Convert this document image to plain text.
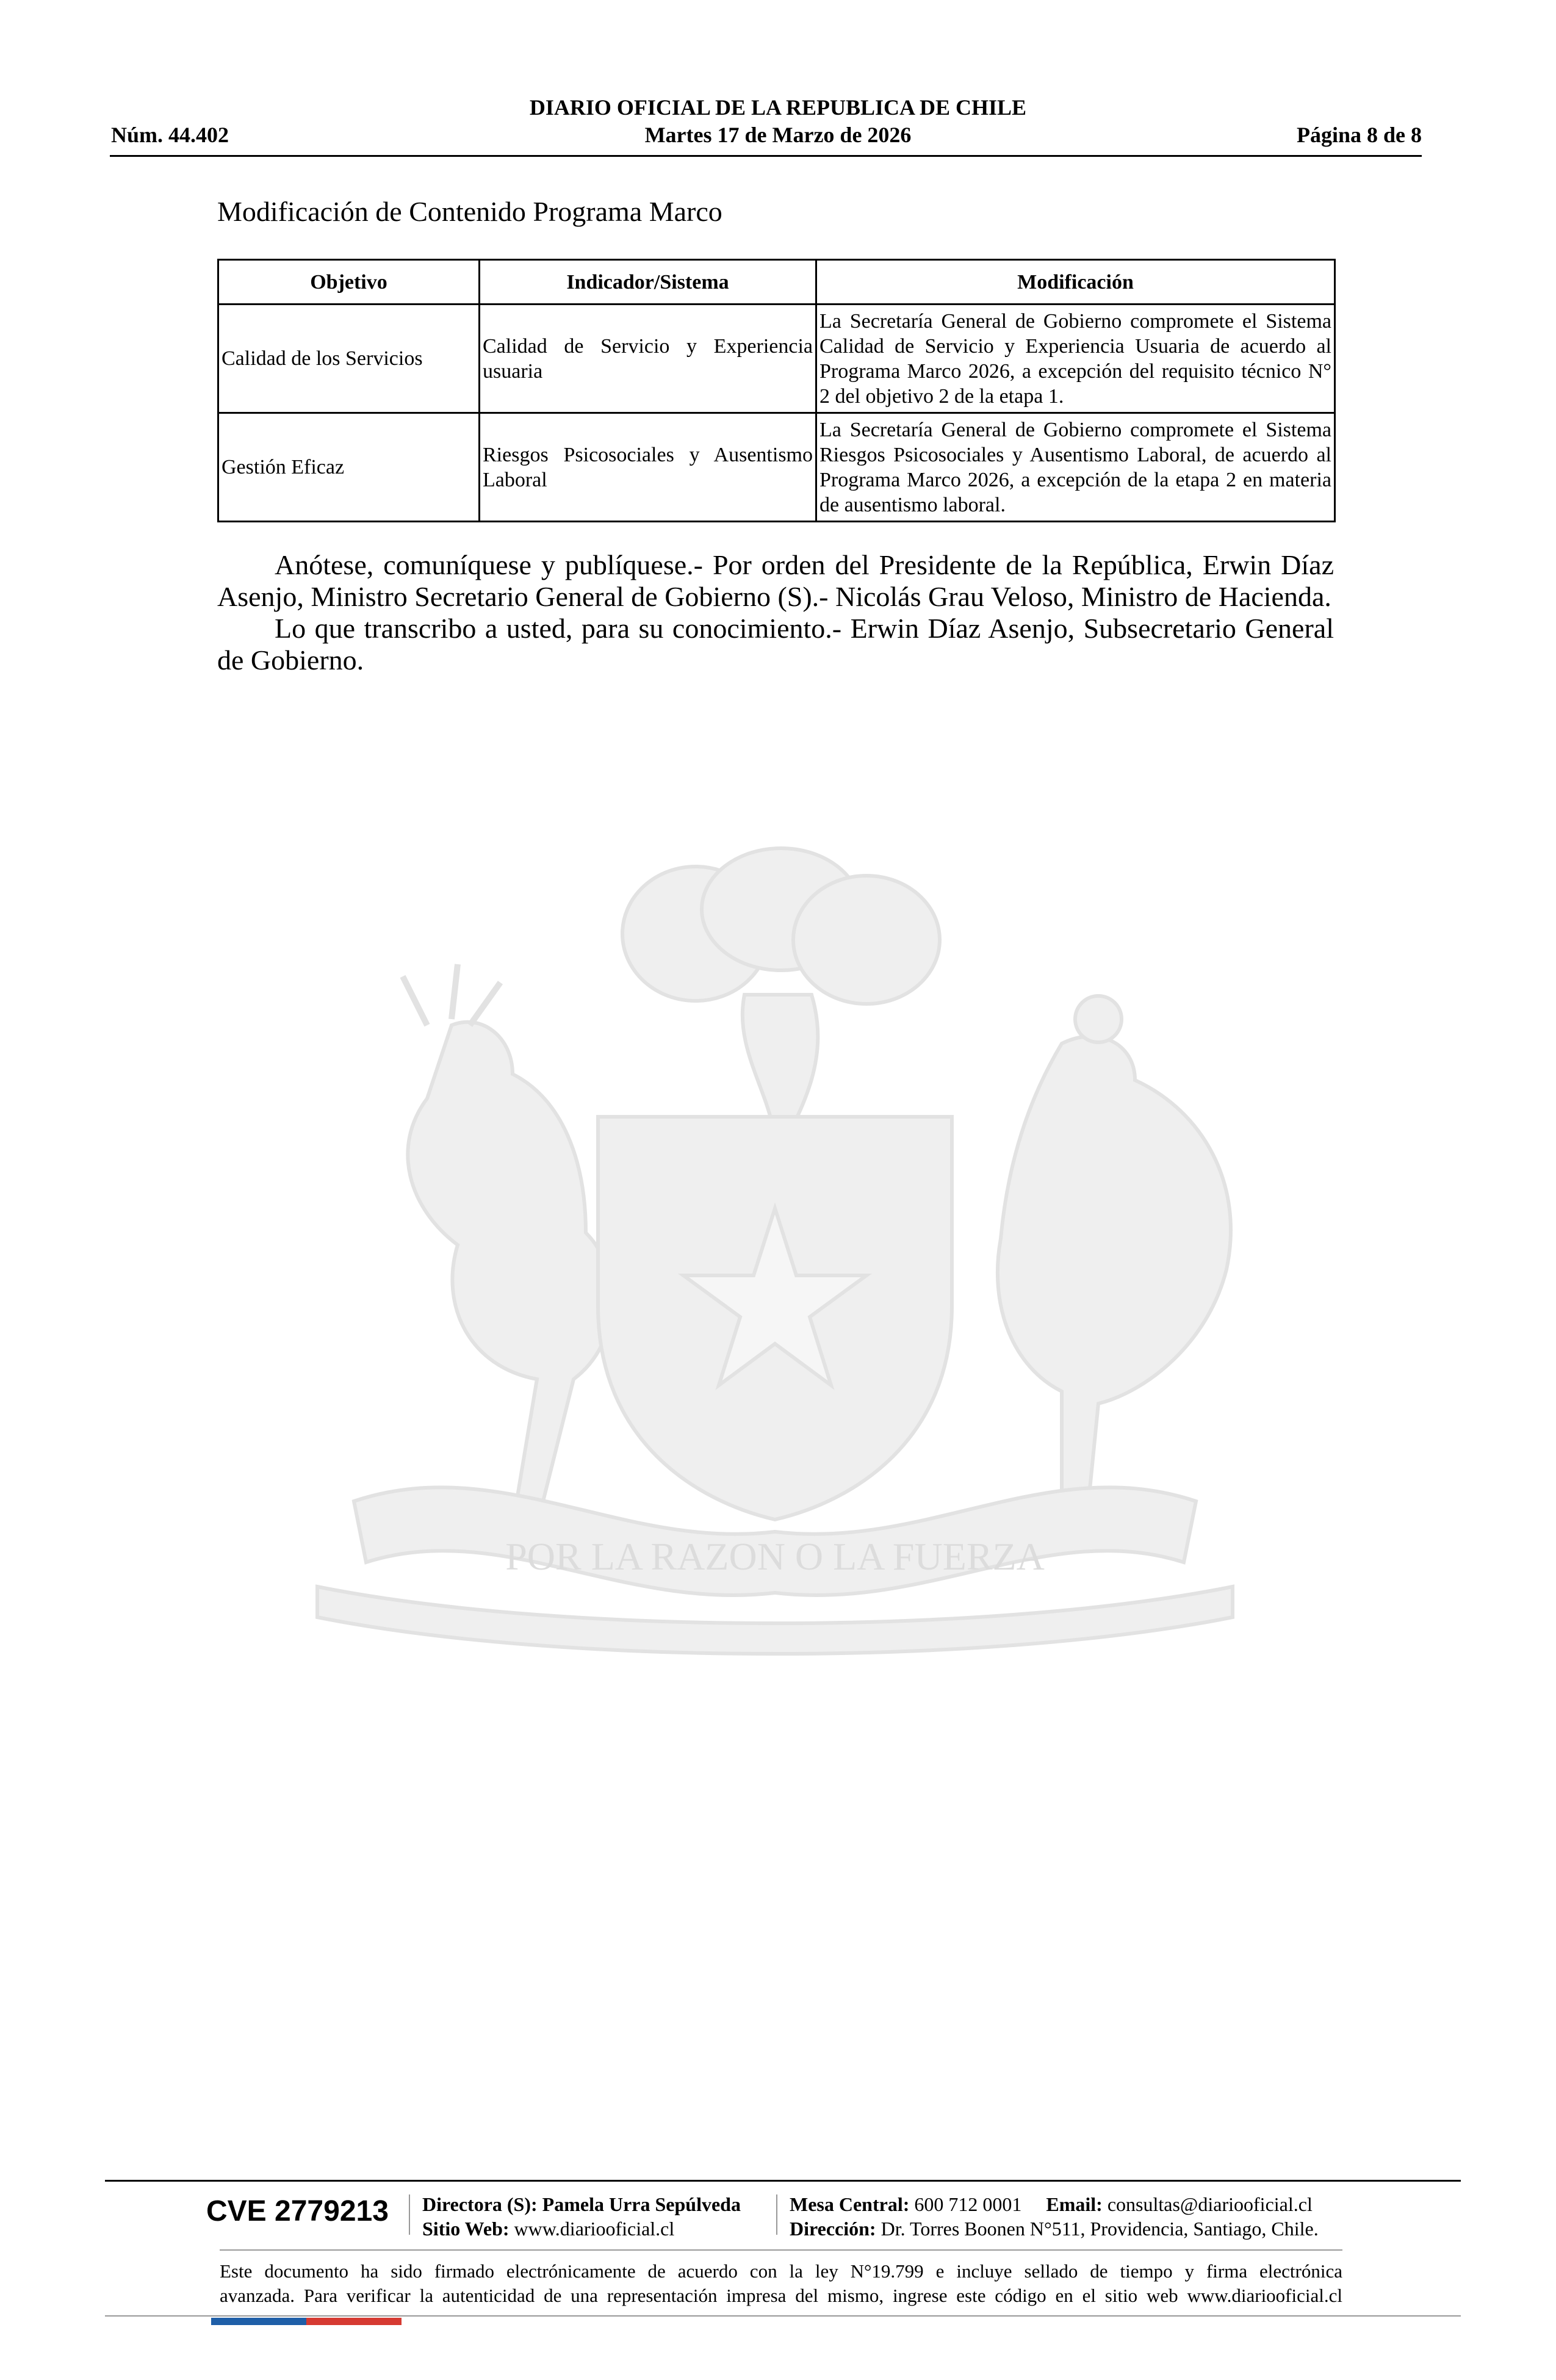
DIARIO OFICIAL DE LA REPUBLICA DE CHILE
Núm. 44.402	Martes 17 de Marzo de 2026	Página 8 de 8
Modificación de Contenido Programa Marco
Objetivo	Indicador/Sistema	Modificación
Calidad de los Servicios	Calidad de Servicio y Experiencia usuaria	La Secretaría General de Gobierno compromete el Sistema Calidad de Servicio y Experiencia Usuaria de acuerdo al Programa Marco 2026, a excepción del requisito técnico N° 2 del objetivo 2 de la etapa 1.
Gestión Eficaz	Riesgos Psicosociales y Ausentismo Laboral	La Secretaría General de Gobierno compromete el Sistema Riesgos Psicosociales y Ausentismo Laboral, de acuerdo al Programa Marco 2026, a excepción de la etapa 2 en materia de ausentismo laboral.

Anótese, comuníquese y publíquese.- Por orden del Presidente de la República, Erwin Díaz Asenjo, Ministro Secretario General de Gobierno (S).- Nicolás Grau Veloso, Ministro de Hacienda.

Lo que transcribo a usted, para su conocimiento.- Erwin Díaz Asenjo, Subsecretario General de Gobierno.

POR LA RAZON O LA FUERZA
CVE 2779213 Directora (S): Pamela Urra Sepúlveda
Sitio Web: www.diariooficial.cl
Mesa Central: 600 712 0001 Email: consultas@diariooficial.cl
Dirección: Dr. Torres Boonen N°511, Providencia, Santiago, Chile.
Este documento ha sido firmado electrónicamente de acuerdo con la ley N°19.799 e incluye sellado de tiempo y firma electrónica
avanzada. Para verificar la autenticidad de una representación impresa del mismo, ingrese este código en el sitio web www.diariooficial.cl
